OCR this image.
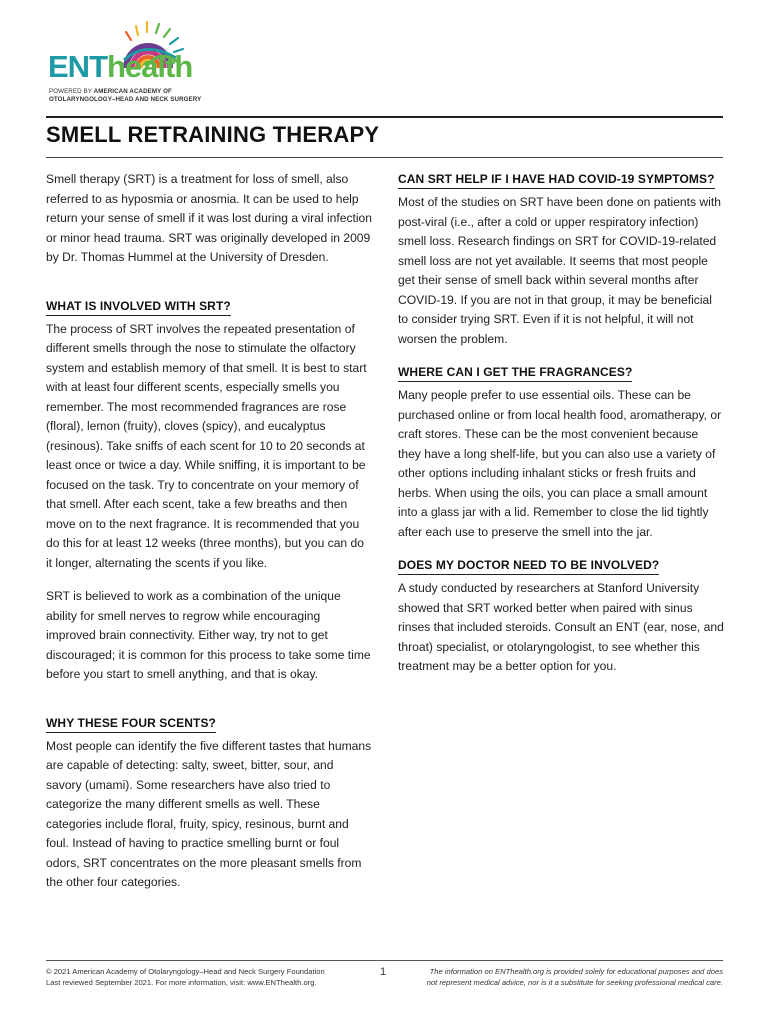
ENThealth
POWERED BY AMERICAN ACADEMY OF
OTOLARYNGOLOGY–HEAD AND NECK SURGERY
SMELL RETRAINING THERAPY

Smell therapy (SRT) is a treatment for loss of smell, also referred to as hyposmia or anosmia. It can be used to help return your sense of smell if it was lost during a viral infection or minor head trauma. SRT was originally developed in 2009 by Dr. Thomas Hummel at the University of Dresden.

WHAT IS INVOLVED WITH SRT?

The process of SRT involves the repeated presentation of different smells through the nose to stimulate the olfactory system and establish memory of that smell. It is best to start with at least four different scents, especially smells you remember. The most recommended fragrances are rose (floral), lemon (fruity), cloves (spicy), and eucalyptus (resinous). Take sniffs of each scent for 10 to 20 seconds at least once or twice a day. While sniffing, it is important to be focused on the task. Try to concentrate on your memory of that smell. After each scent, take a few breaths and then move on to the next fragrance. It is recommended that you do this for at least 12 weeks (three months), but you can do it longer, alternating the scents if you like.

SRT is believed to work as a combination of the unique ability for smell nerves to regrow while encouraging improved brain connectivity. Either way, try not to get discouraged; it is common for this process to take some time before you start to smell anything, and that is okay.

WHY THESE FOUR SCENTS?

Most people can identify the five different tastes that humans are capable of detecting: salty, sweet, bitter, sour, and savory (umami). Some researchers have also tried to categorize the many different smells as well. These categories include floral, fruity, spicy, resinous, burnt and foul. Instead of having to practice smelling burnt or foul odors, SRT concentrates on the more pleasant smells from the other four categories.

CAN SRT HELP IF I HAVE HAD COVID-19 SYMPTOMS?

Most of the studies on SRT have been done on patients with post-viral (i.e., after a cold or upper respiratory infection) smell loss. Research findings on SRT for COVID-19-related smell loss are not yet available. It seems that most people get their sense of smell back within several months after COVID-19. If you are not in that group, it may be beneficial to consider trying SRT. Even if it is not helpful, it will not worsen the problem.

WHERE CAN I GET THE FRAGRANCES?

Many people prefer to use essential oils. These can be purchased online or from local health food, aromatherapy, or craft stores. These can be the most convenient because they have a long shelf-life, but you can also use a variety of other options including inhalant sticks or fresh fruits and herbs. When using the oils, you can place a small amount into a glass jar with a lid. Remember to close the lid tightly after each use to preserve the smell into the jar.

DOES MY DOCTOR NEED TO BE INVOLVED?

A study conducted by researchers at Stanford University showed that SRT worked better when paired with sinus rinses that included steroids. Consult an ENT (ear, nose, and throat) specialist, or otolaryngologist, to see whether this treatment may be a better option for you.

© 2021 American Academy of Otolaryngology–Head and Neck Surgery Foundation
Last reviewed September 2021. For more information, visit: www.ENThealth.org.
1	The information on ENThealth.org is provided solely for educational purposes and does
not represent medical advice, nor is it a substitute for seeking professional medical care.
